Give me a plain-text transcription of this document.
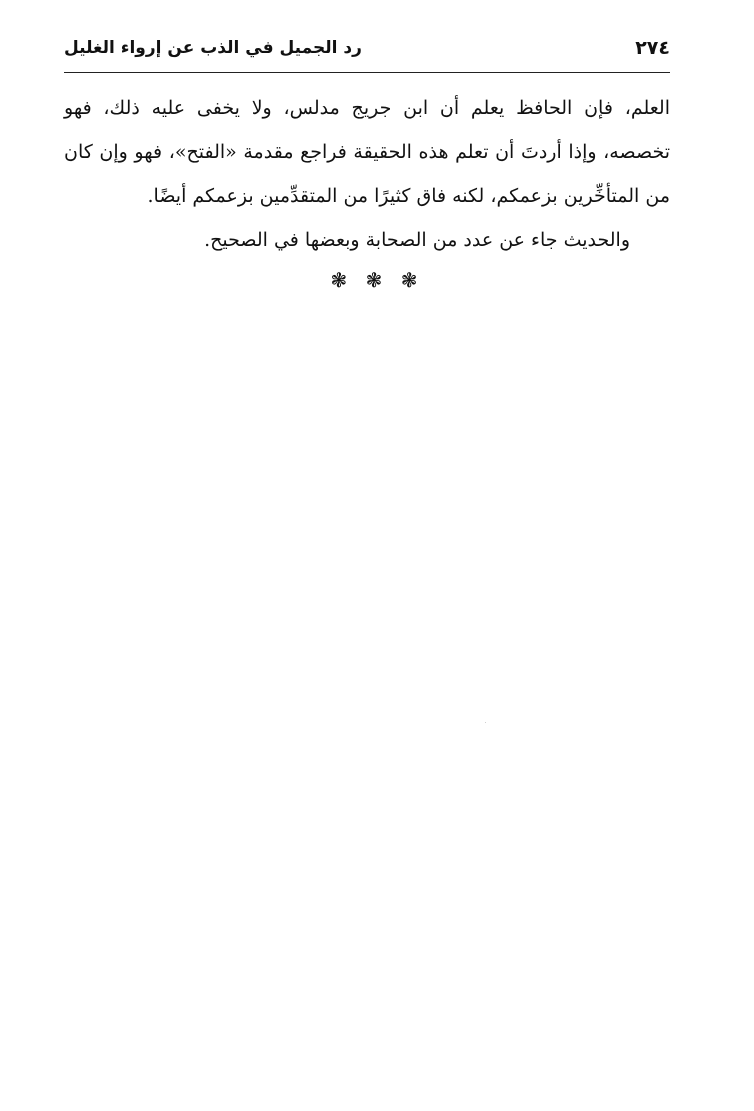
٢٧٤
رد الجميل في الذب عن إرواء الغليل

العلم، فإن الحافظ يعلم أن ابن جريج مدلس، ولا يخفى عليه ذلك، فهو تخصصه، وإذا أردتَ أن تعلم هذه الحقيقة فراجع مقدمة «الفتح»، فهو وإن كان من المتأخِّرين بزعمكم، لكنه فاق كثيرًا من المتقدِّمين بزعمكم أيضًا.

والحديث جاء عن عدد من الصحابة وبعضها في الصحيح.

❃ ❃ ❃
